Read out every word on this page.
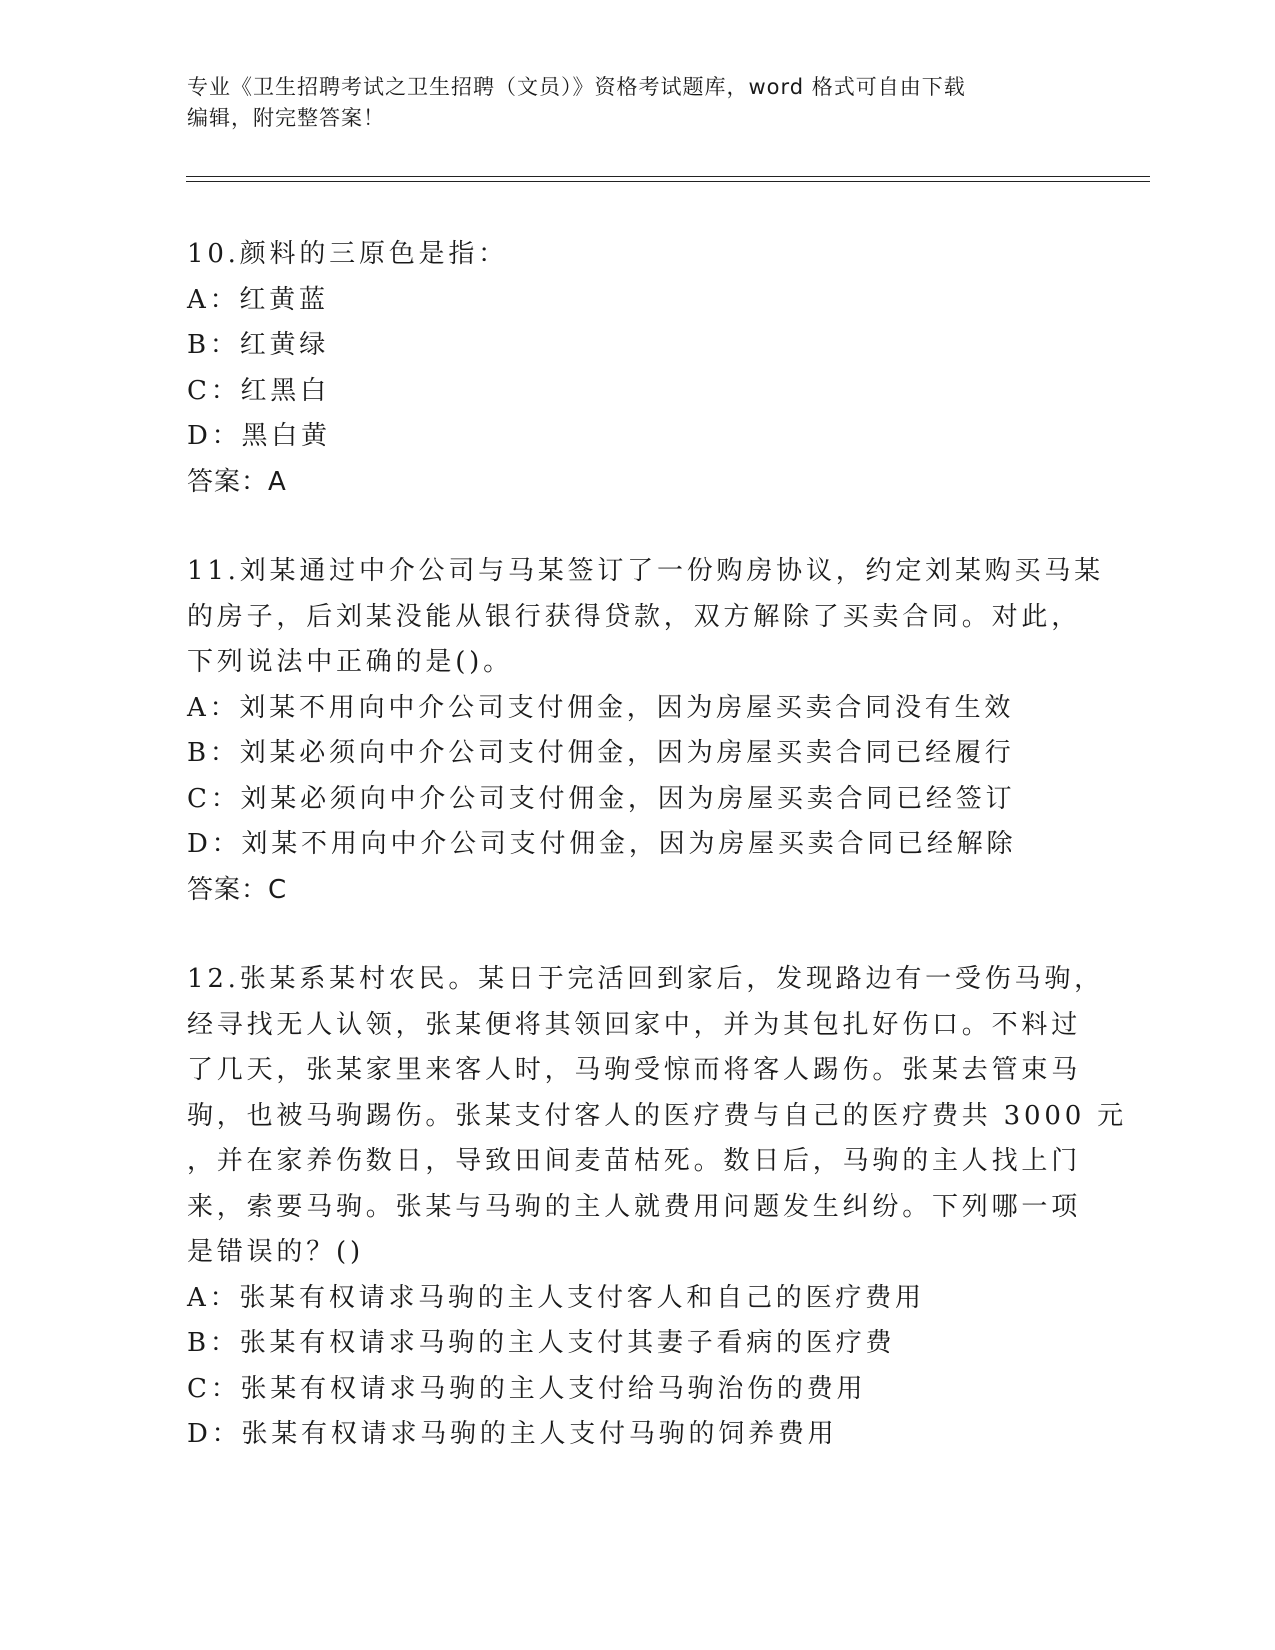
专业《卫生招聘考试之卫生招聘（文员）》资格考试题库，word 格式可自由下载
编辑，附完整答案！
10.颜料的三原色是指：
A：红黄蓝
B：红黄绿
C：红黑白
D：黑白黄
答案：A
11.刘某通过中介公司与马某签订了一份购房协议，约定刘某购买马某
的房子，后刘某没能从银行获得贷款，双方解除了买卖合同。对此，
下列说法中正确的是()。
A：刘某不用向中介公司支付佣金，因为房屋买卖合同没有生效
B：刘某必须向中介公司支付佣金，因为房屋买卖合同已经履行
C：刘某必须向中介公司支付佣金，因为房屋买卖合同已经签订
D：刘某不用向中介公司支付佣金，因为房屋买卖合同已经解除
答案：C
12.张某系某村农民。某日于完活回到家后，发现路边有一受伤马驹，
经寻找无人认领，张某便将其领回家中，并为其包扎好伤口。不料过
了几天，张某家里来客人时，马驹受惊而将客人踢伤。张某去管束马
驹，也被马驹踢伤。张某支付客人的医疗费与自己的医疗费共 3000 元
，并在家养伤数日，导致田间麦苗枯死。数日后，马驹的主人找上门
来，索要马驹。张某与马驹的主人就费用问题发生纠纷。下列哪一项
是错误的？()
A：张某有权请求马驹的主人支付客人和自己的医疗费用
B：张某有权请求马驹的主人支付其妻子看病的医疗费
C：张某有权请求马驹的主人支付给马驹治伤的费用
D：张某有权请求马驹的主人支付马驹的饲养费用
